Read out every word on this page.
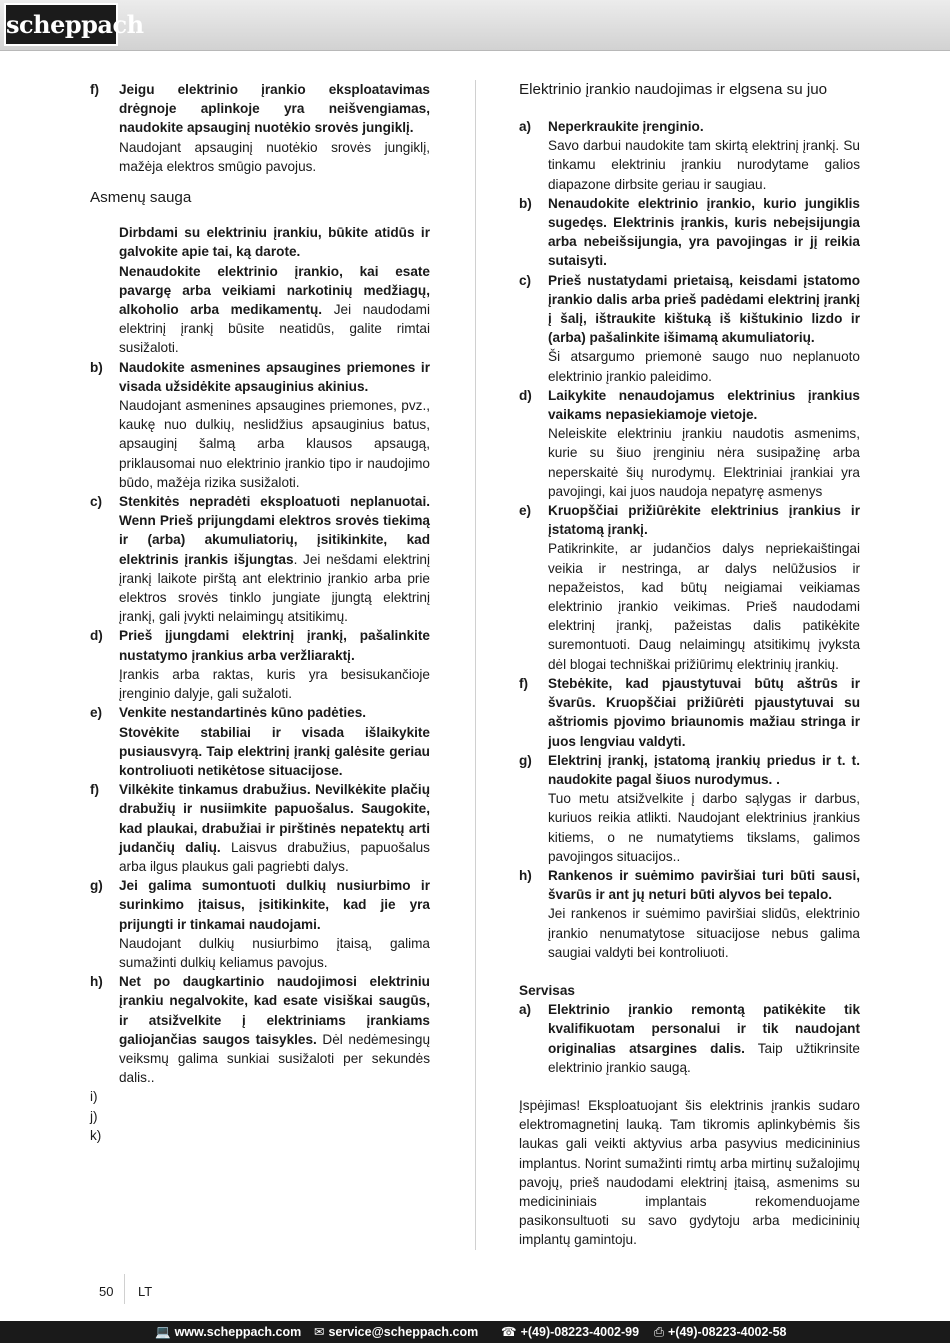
scheppach
f)	Jeigu elektrinio įrankio eksploatavimas drėgnoje aplinkoje yra neišvengiamas, naudokite apsauginį nuotėkio srovės jungiklį.
Naudojant apsauginį nuotėkio srovės jungiklį, mažėja elektros smūgio pavojus.
Asmenų sauga
Dirbdami su elektriniu įrankiu, būkite atidūs ir galvokite apie tai, ką darote.
Nenaudokite elektrinio įrankio, kai esate pavargę arba veikiami narkotinių medžiagų, alkoholio arba medikamentų. Jei naudodami elektrinį įrankį būsite neatidūs, galite rimtai susižaloti.
b)	Naudokite asmenines apsaugines priemones ir visada užsidėkite apsauginius akinius.
Naudojant asmenines apsaugines priemones, pvz., kaukę nuo dulkių, neslidžius apsauginius batus, apsauginį šalmą arba klausos apsaugą, priklausomai nuo elektrinio įrankio tipo ir naudojimo būdo, mažėja rizika susižaloti.
c)	Stenkitės nepradėti eksploatuoti neplanuotai. Wenn Prieš prijungdami elektros srovės tiekimą ir (arba) akumuliatorių, įsitikinkite, kad elektrinis įrankis išjungtas. Jei nešdami elektrinį įrankį laikote pirštą ant elektrinio įrankio arba prie elektros srovės tinklo jungiate įjungtą elektrinį įrankį, gali įvykti nelaimingų atsitikimų.
d)	Prieš įjungdami elektrinį įrankį, pašalinkite nustatymo įrankius arba veržliaraktį.
Įrankis arba raktas, kuris yra besisukančioje įrenginio dalyje, gali sužaloti.
e)	Venkite nestandartinės kūno padėties.
Stovėkite stabiliai ir visada išlaikykite pusiausvyrą. Taip elektrinį įrankį galėsite geriau kontroliuoti netikėtose situacijose.
f)	Vilkėkite tinkamus drabužius. Nevilkėkite plačių drabužių ir nusiimkite papuošalus. Saugokite, kad plaukai, drabužiai ir pirštinės nepatektų arti judančių dalių. Laisvus drabužius, papuošalus arba ilgus plaukus gali pagriebti dalys.
g)	Jei galima sumontuoti dulkių nusiurbimo ir surinkimo įtaisus, įsitikinkite, kad jie yra prijungti ir tinkamai naudojami.
Naudojant dulkių nusiurbimo įtaisą, galima sumažinti dulkių keliamus pavojus.
h)	Net po daugkartinio naudojimosi elektriniu įrankiu negalvokite, kad esate visiškai saugūs, ir atsižvelkite į elektriniams įrankiams galiojančias saugos taisykles. Dėl nedėmesingų veiksmų galima sunkiai susižaloti per sekundės dalis..
i)
j)
k)
Elektrinio įrankio naudojimas ir elgsena su juo
a)	Neperkraukite įrenginio.
Savo darbui naudokite tam skirtą elektrinį įrankį. Su tinkamu elektriniu įrankiu nurodytame galios diapazone dirbsite geriau ir saugiau.
b)	Nenaudokite elektrinio įrankio, kurio jungiklis sugedęs. Elektrinis įrankis, kuris nebeįsijungia arba nebeišsijungia, yra pavojingas ir jį reikia sutaisyti.
c)	Prieš nustatydami prietaisą, keisdami įstatomo įrankio dalis arba prieš padėdami elektrinį įrankį į šalį, ištraukite kištuką iš kištukinio lizdo ir (arba) pašalinkite išimamą akumuliatorių.
Ši atsargumo priemonė saugo nuo neplanuoto elektrinio įrankio paleidimo.
d)	Laikykite nenaudojamus elektrinius įrankius vaikams nepasiekiamoje vietoje.
Neleiskite elektriniu įrankiu naudotis asmenims, kurie su šiuo įrenginiu nėra susipažinę arba neperskaitė šių nurodymų. Elektriniai įrankiai yra pavojingi, kai juos naudoja nepatyrę asmenys
e)	Kruopščiai prižiūrėkite elektrinius įrankius ir įstatomą įrankį.
Patikrinkite, ar judančios dalys nepriekaištingai veikia ir nestringa, ar dalys nelūžusios ir nepažeistos, kad būtų neigiamai veikiamas elektrinio įrankio veikimas. Prieš naudodami elektrinį įrankį, pažeistas dalis patikėkite suremontuoti. Daug nelaimingų atsitikimų įvyksta dėl blogai techniškai prižiūrimų elektrinių įrankių.
f)	Stebėkite, kad pjaustytuvai būtų aštrūs ir švarūs. Kruopščiai prižiūrėti pjaustytuvai su aštriomis pjovimo briaunomis mažiau stringa ir juos lengviau valdyti.
g)	Elektrinį įrankį, įstatomą įrankių priedus ir t. t. naudokite pagal šiuos nurodymus. .
Tuo metu atsižvelkite į darbo sąlygas ir darbus, kuriuos reikia atlikti. Naudojant elektrinius įrankius kitiems, o ne numatytiems tikslams, galimos pavojingos situacijos..
h)	Rankenos ir suėmimo paviršiai turi būti sausi, švarūs ir ant jų neturi būti alyvos bei tepalo.
Jei rankenos ir suėmimo paviršiai slidūs, elektrinio įrankio nenumatytose situacijose nebus galima saugiai valdyti bei kontroliuoti.
Servisas
a)	Elektrinio įrankio remontą patikėkite tik kvalifikuotam personalui ir tik naudojant originalias atsargines dalis. Taip užtikrinsite elektrinio įrankio saugą.
Įspėjimas! Eksploatuojant šis elektrinis įrankis sudaro elektromagnetinį lauką. Tam tikromis aplinkybėmis šis laukas gali veikti aktyvius arba pasyvius medicininius implantus. Norint sumažinti rimtų arba mirtinų sužalojimų pavojų, prieš naudodami elektrinį įtaisą, asmenims su medicininiais implantais rekomenduojame pasikonsultuoti su savo gydytoju arba medicininių implantų gamintoju.
50 LT
💻 www.scheppach.com ✉ service@scheppach.com ☎ +(49)-08223-4002-99 ⎙ +(49)-08223-4002-58
